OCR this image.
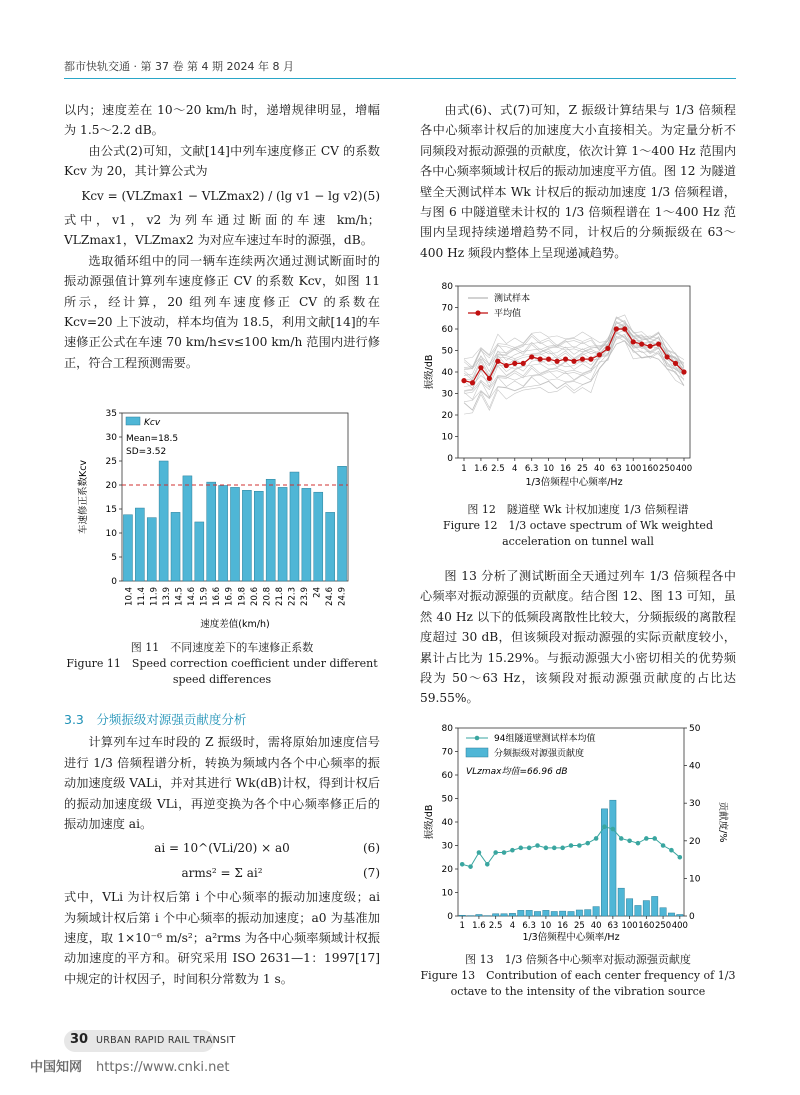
都市快轨交通 · 第 37 卷 第 4 期 2024 年 8 月

以内；速度差在 10～20 km/h 时，递增规律明显，增幅为 1.5～2.2 dB。

由公式(2)可知，文献[14]中列车速度修正 CV 的系数 Kcv 为 20，其计算公式为

Kcv = (VLZmax1 − VLZmax2) / (lg v1 − lg v2) (5)

式中，v1，v2 为列车通过断面的车速 km/h；VLZmax1，VLZmax2 为对应车速过车时的源强，dB。

选取循环组中的同一辆车连续两次通过测试断面时的振动源强值计算列车速度修正 CV 的系数 Kcv，如图 11 所示，经计算，20 组列车速度修正 CV 的系数在 Kcv=20 上下波动，样本均值为 18.5，利用文献[14]的车速修正公式在车速 70 km/h≤v≤100 km/h 范围内进行修正，符合工程预测需要。

0
5
10
15
20
25
30
35
10.4 11.4 11.9 13.9 14.5 14.6 15.9 16.6 16.9 19.8 20.6 20.8 21.8 22.3 23.9 24 24.6 24.9
Kcv
Mean=18.5
SD=3.52
车速修正系数Kcv
速度差值(km/h)
图 11　不同速度差下的车速修正系数
Figure 11　Speed correction coefficient under different speed differences
3.3　分频振级对源强贡献度分析

计算列车过车时段的 Z 振级时，需将原始加速度信号进行 1/3 倍频程谱分析，转换为频域内各个中心频率的振动加速度级 VALi，并对其进行 Wk(dB)计权，得到计权后的振动加速度级 VLi，再逆变换为各个中心频率修正后的振动加速度 ai。

ai = 10^(VLi/20) × a0	(6)
arms² = Σ ai²	(7)

式中，VLi 为计权后第 i 个中心频率的振动加速度级；ai 为频域计权后第 i 个中心频率的振动加速度；a0 为基准加速度，取 1×10⁻⁶ m/s²；a²rms 为各中心频率频域计权振动加速度的平方和。研究采用 ISO 2631—1：1997[17] 中规定的计权因子，时间积分常数为 1 s。

由式(6)、式(7)可知，Z 振级计算结果与 1/3 倍频程各中心频率计权后的加速度大小直接相关。为定量分析不同频段对振动源强的贡献度，依次计算 1～400 Hz 范围内各中心频率频域计权后的振动加速度平方值。图 12 为隧道壁全天测试样本 Wk 计权后的振动加速度 1/3 倍频程谱，与图 6 中隧道壁未计权的 1/3 倍频程谱在 1～400 Hz 范围内呈现持续递增趋势不同，计权后的分频振级在 63～400 Hz 频段内整体上呈现递减趋势。

0
10
20
30
40
50
60
70
80
1 1.6 2.5 4 6.3 10 16 25 40 63 100 160 250 400
测试样本
平均值
振级/dB
1/3倍频程中心频率/Hz
图 12　隧道壁 Wk 计权加速度 1/3 倍频程谱
Figure 12　1/3 octave spectrum of Wk weighted acceleration on tunnel wall

图 13 分析了测试断面全天通过列车 1/3 倍频程各中心频率对振动源强的贡献度。结合图 12、图 13 可知，虽然 40 Hz 以下的低频段离散性比较大，分频振级的离散程度超过 30 dB，但该频段对振动源强的实际贡献度较小，累计占比为 15.29%。与振动源强大小密切相关的优势频段为 50～63 Hz，该频段对振动源强贡献度的占比达 59.55%。

0
10
20
30
40
50
60
70
80
0
10
20
30
40
50
1 1.6 2.5 4 6.3 10 16 25 40 63 100 160 250 400
94组隧道壁测试样本均值
分频振级对源强贡献度
VLzmax均值=66.96 dB
振级/dB	贡献度/%
1/3倍频程中心频率/Hz
图 13　1/3 倍频各中心频率对振动源强贡献度
Figure 13　Contribution of each center frequency of 1/3 octave to the intensity of the vibration source
30 URBAN RAPID RAIL TRANSIT
中国知网 https://www.cnki.net
